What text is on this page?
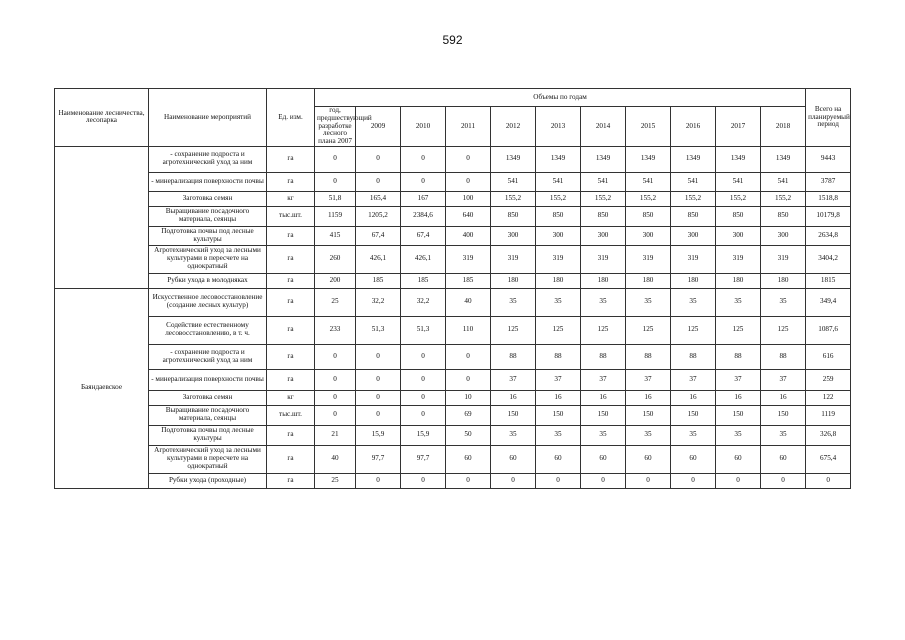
592
Наименование лесничества, лесопарка	Наименование мероприятий	Ед. изм.	Объемы по годам											Всего на планируемый период
			год, предшествующий разработке лесного плана 2007	2009	2010	2011	2012	2013	2014	2015	2016	2017	2018	
	- сохранение подроста и агротехнический уход за ним	га	0	0	0	0	1349	1349	1349	1349	1349	1349	1349	9443
	- минерализация поверхности почвы	га	0	0	0	0	541	541	541	541	541	541	541	3787
	Заготовка семян	кг	51,8	165,4	167	100	155,2	155,2	155,2	155,2	155,2	155,2	155,2	1518,8
	Выращивание посадочного материала, сеянцы	тыс.шт.	1159	1205,2	2384,6	640	850	850	850	850	850	850	850	10179,8
	Подготовка почвы под лесные культуры	га	415	67,4	67,4	400	300	300	300	300	300	300	300	2634,8
	Агротехнический уход за лесными культурами в пересчете на однократный	га	260	426,1	426,1	319	319	319	319	319	319	319	319	3404,2
	Рубки ухода в молодняках	га	200	185	185	185	180	180	180	180	180	180	180	1815
Баяндаевское	Искусственное лесовосстановление (создание лесных культур)	га	25	32,2	32,2	40	35	35	35	35	35	35	35	349,4
	Содействие естественному лесовосстановлению, в т. ч.	га	233	51,3	51,3	110	125	125	125	125	125	125	125	1087,6
	- сохранение подроста и агротехнический уход за ним	га	0	0	0	0	88	88	88	88	88	88	88	616
	- минерализация поверхности почвы	га	0	0	0	0	37	37	37	37	37	37	37	259
	Заготовка семян	кг	0	0	0	10	16	16	16	16	16	16	16	122
	Выращивание посадочного материала, сеянцы	тыс.шт.	0	0	0	69	150	150	150	150	150	150	150	1119
	Подготовка почвы под лесные культуры	га	21	15,9	15,9	50	35	35	35	35	35	35	35	326,8
	Агротехнический уход за лесными культурами в пересчете на однократный	га	40	97,7	97,7	60	60	60	60	60	60	60	60	675,4
	Рубки ухода (проходные)	га	25	0	0	0	0	0	0	0	0	0	0	0
